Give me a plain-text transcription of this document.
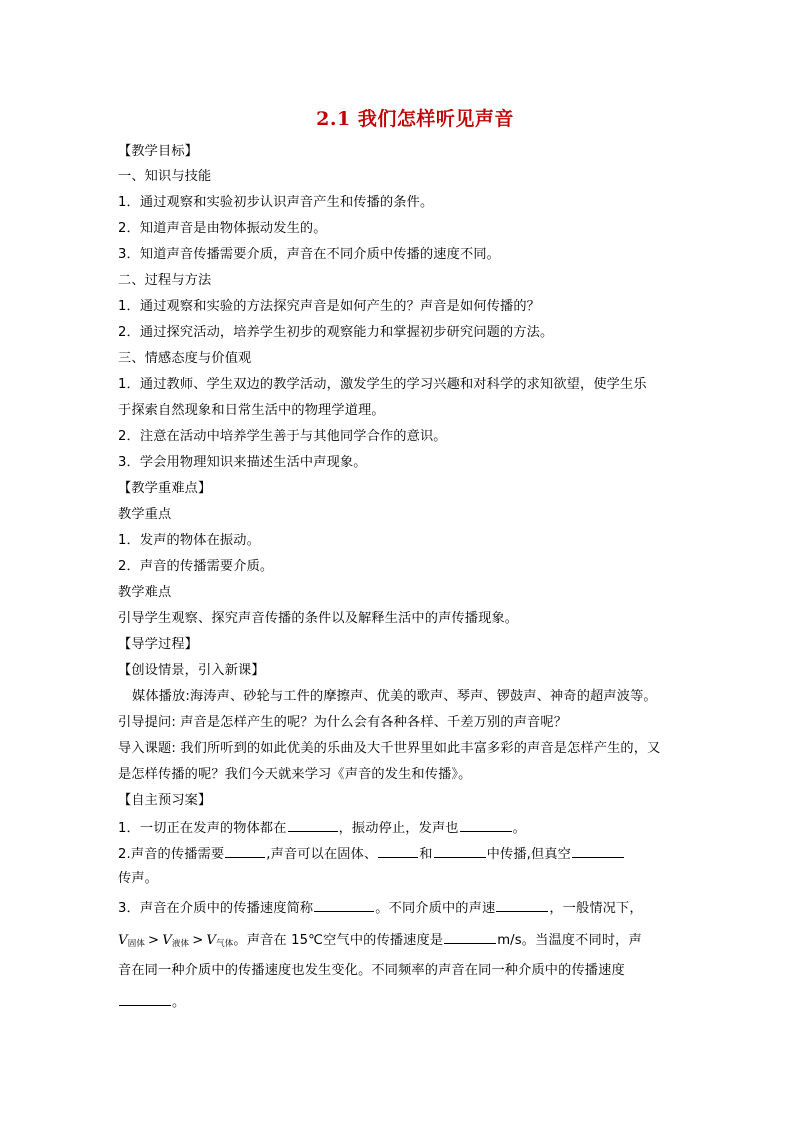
2.1 我们怎样听见声音
【教学目标】
一、知识与技能
1．通过观察和实验初步认识声音产生和传播的条件。
2．知道声音是由物体振动发生的。
3．知道声音传播需要介质，声音在不同介质中传播的速度不同。
二、过程与方法
1．通过观察和实验的方法探究声音是如何产生的？声音是如何传播的？
2．通过探究活动，培养学生初步的观察能力和掌握初步研究问题的方法。
三、情感态度与价值观
1．通过教师、学生双边的教学活动，激发学生的学习兴趣和对科学的求知欲望，使学生乐
于探索自然现象和日常生活中的物理学道理。
2．注意在活动中培养学生善于与其他同学合作的意识。
3．学会用物理知识来描述生活中声现象。
【教学重难点】
教学重点
1．发声的物体在振动。
2．声音的传播需要介质。
教学难点
引导学生观察、探究声音传播的条件以及解释生活中的声传播现象。
【导学过程】
【创设情景，引入新课】
媒体播放:海涛声、砂轮与工件的摩擦声、优美的歌声、琴声、锣鼓声、神奇的超声波等。
引导提问: 声音是怎样产生的呢？为什么会有各种各样、千差万别的声音呢？
导入课题: 我们所听到的如此优美的乐曲及大千世界里如此丰富多彩的声音是怎样产生的，又
是怎样传播的呢？我们今天就来学习《声音的发生和传播》。
【自主预习案】
1．一切正在发声的物体都在	，振动停止，发声也	。
2.声音的传播需要	,声音可以在固体、	和	中传播,但真空
传声。
3．声音在介质中的传播速度简称	。不同介质中的声速	，一般情况下，
$V_{固体} > V_{液体} > V_{气体}$。声音在 15℃空气中的传播速度是	m/s。当温度不同时，声
音在同一种介质中的传播速度也发生变化。不同频率的声音在同一种介质中的传播速度
。
